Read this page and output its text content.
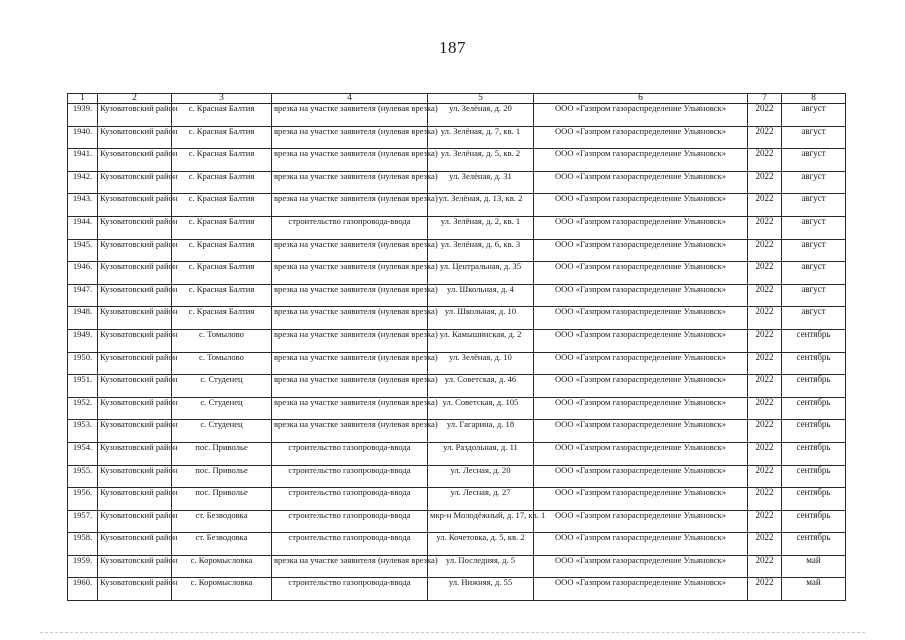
187
1	2	3	4	5	6	7	8
1939.	Кузоватовский район	с. Красная Балтия	врезка на участке заявителя (нулевая врезка)	ул. Зелёная, д. 20	ООО «Газпром газораспределение Ульяновск»	2022	август
1940.	Кузоватовский район	с. Красная Балтия	врезка на участке заявителя (нулевая врезка)	ул. Зелёная, д. 7, кв. 1	ООО «Газпром газораспределение Ульяновск»	2022	август
1941.	Кузоватовский район	с. Красная Балтия	врезка на участке заявителя (нулевая врезка)	ул. Зелёная, д. 5, кв. 2	ООО «Газпром газораспределение Ульяновск»	2022	август
1942.	Кузоватовский район	с. Красная Балтия	врезка на участке заявителя (нулевая врезка)	ул. Зелёная, д. 31	ООО «Газпром газораспределение Ульяновск»	2022	август
1943.	Кузоватовский район	с. Красная Балтия	врезка на участке заявителя (нулевая врезка)	ул. Зелёная, д. 13, кв. 2	ООО «Газпром газораспределение Ульяновск»	2022	август
1944.	Кузоватовский район	с. Красная Балтия	строительство газопровода-ввода	ул. Зелёная, д. 2, кв. 1	ООО «Газпром газораспределение Ульяновск»	2022	август
1945.	Кузоватовский район	с. Красная Балтия	врезка на участке заявителя (нулевая врезка)	ул. Зелёная, д. 6, кв. 3	ООО «Газпром газораспределение Ульяновск»	2022	август
1946.	Кузоватовский район	с. Красная Балтия	врезка на участке заявителя (нулевая врезка)	ул. Центральная, д. 35	ООО «Газпром газораспределение Ульяновск»	2022	август
1947.	Кузоватовский район	с. Красная Балтия	врезка на участке заявителя (нулевая врезка)	ул. Школьная, д. 4	ООО «Газпром газораспределение Ульяновск»	2022	август
1948.	Кузоватовский район	с. Красная Балтия	врезка на участке заявителя (нулевая врезка)	ул. Школьная, д. 10	ООО «Газпром газораспределение Ульяновск»	2022	август
1949.	Кузоватовский район	с. Томылово	врезка на участке заявителя (нулевая врезка)	ул. Камышинская, д. 2	ООО «Газпром газораспределение Ульяновск»	2022	сентябрь
1950.	Кузоватовский район	с. Томылово	врезка на участке заявителя (нулевая врезка)	ул. Зелёная, д. 10	ООО «Газпром газораспределение Ульяновск»	2022	сентябрь
1951.	Кузоватовский район	с. Студенец	врезка на участке заявителя (нулевая врезка)	ул. Советская, д. 46	ООО «Газпром газораспределение Ульяновск»	2022	сентябрь
1952.	Кузоватовский район	с. Студенец	врезка на участке заявителя (нулевая врезка)	ул. Советская, д. 105	ООО «Газпром газораспределение Ульяновск»	2022	сентябрь
1953.	Кузоватовский район	с. Студенец	врезка на участке заявителя (нулевая врезка)	ул. Гагарина, д. 18	ООО «Газпром газораспределение Ульяновск»	2022	сентябрь
1954.	Кузоватовский район	пос. Приволье	строительство газопровода-ввода	ул. Раздольная, д. 11	ООО «Газпром газораспределение Ульяновск»	2022	сентябрь
1955.	Кузоватовский район	пос. Приволье	строительство газопровода-ввода	ул. Лесная, д. 20	ООО «Газпром газораспределение Ульяновск»	2022	сентябрь
1956.	Кузоватовский район	пос. Приволье	строительство газопровода-ввода	ул. Лесная, д. 27	ООО «Газпром газораспределение Ульяновск»	2022	сентябрь
1957.	Кузоватовский район	ст. Безводовка	строительство газопровода-ввода	мкр-н Молодёжный, д. 17, кв. 1	ООО «Газпром газораспределение Ульяновск»	2022	сентябрь
1958.	Кузоватовский район	ст. Безводовка	строительство газопровода-ввода	ул. Кочетовка, д. 5, кв. 2	ООО «Газпром газораспределение Ульяновск»	2022	сентябрь
1959.	Кузоватовский район	с. Коромысловка	врезка на участке заявителя (нулевая врезка)	ул. Последняя, д. 5	ООО «Газпром газораспределение Ульяновск»	2022	май
1960.	Кузоватовский район	с. Коромысловка	строительство газопровода-ввода	ул. Нижняя, д. 55	ООО «Газпром газораспределение Ульяновск»	2022	май
